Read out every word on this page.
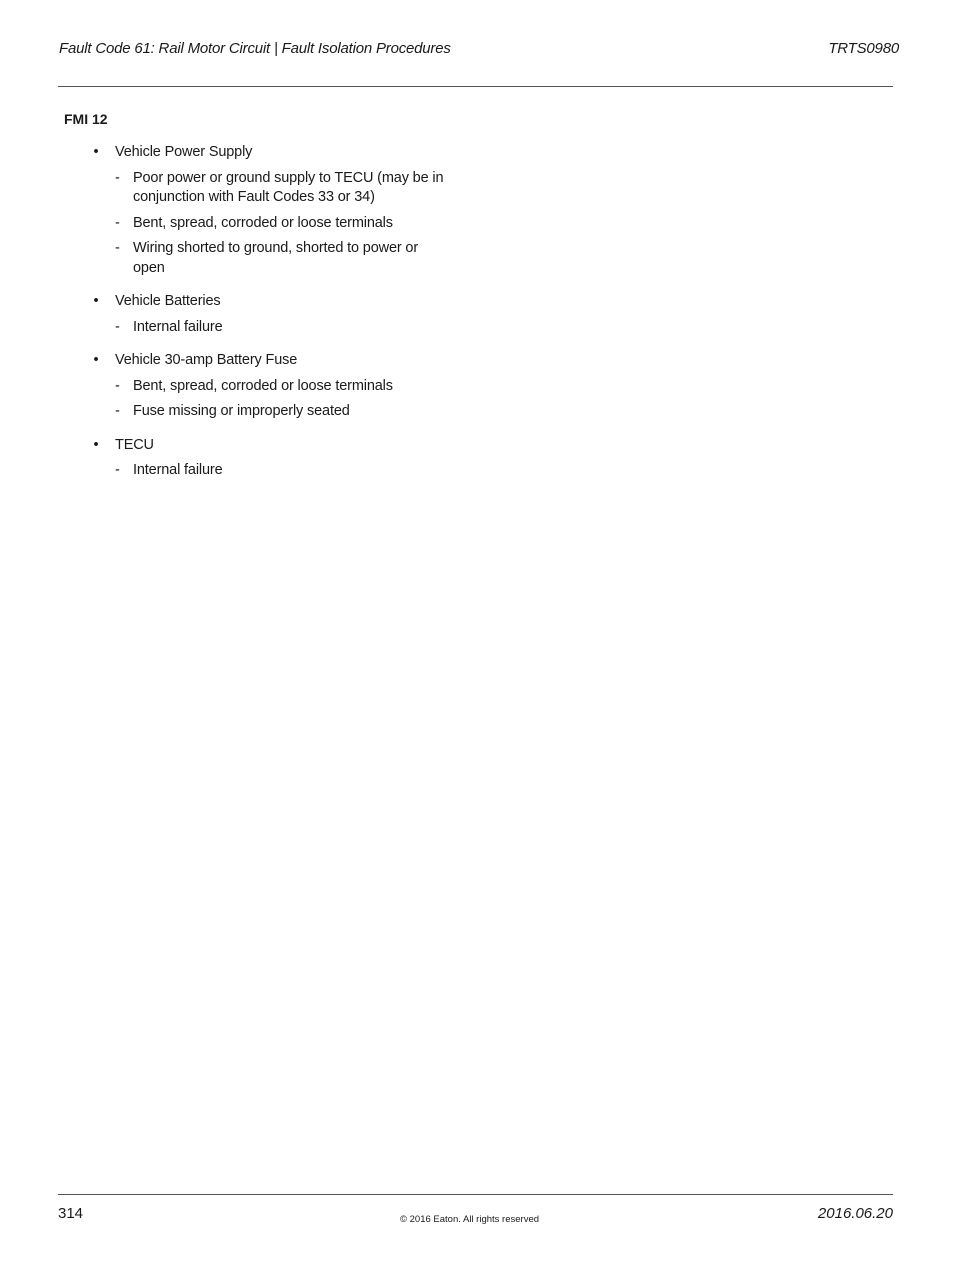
Fault Code 61: Rail Motor Circuit | Fault Isolation Procedures	TRTS0980
FMI 12
•	Vehicle Power Supply
- Poor power or ground supply to TECU (may be in conjunction with Fault Codes 33 or 34)
- Bent, spread, corroded or loose terminals
- Wiring shorted to ground, shorted to power or open
•	Vehicle Batteries
- Internal failure
•	Vehicle 30-amp Battery Fuse
- Bent, spread, corroded or loose terminals
- Fuse missing or improperly seated
•	TECU
- Internal failure
314	© 2016 Eaton. All rights reserved	2016.06.20
